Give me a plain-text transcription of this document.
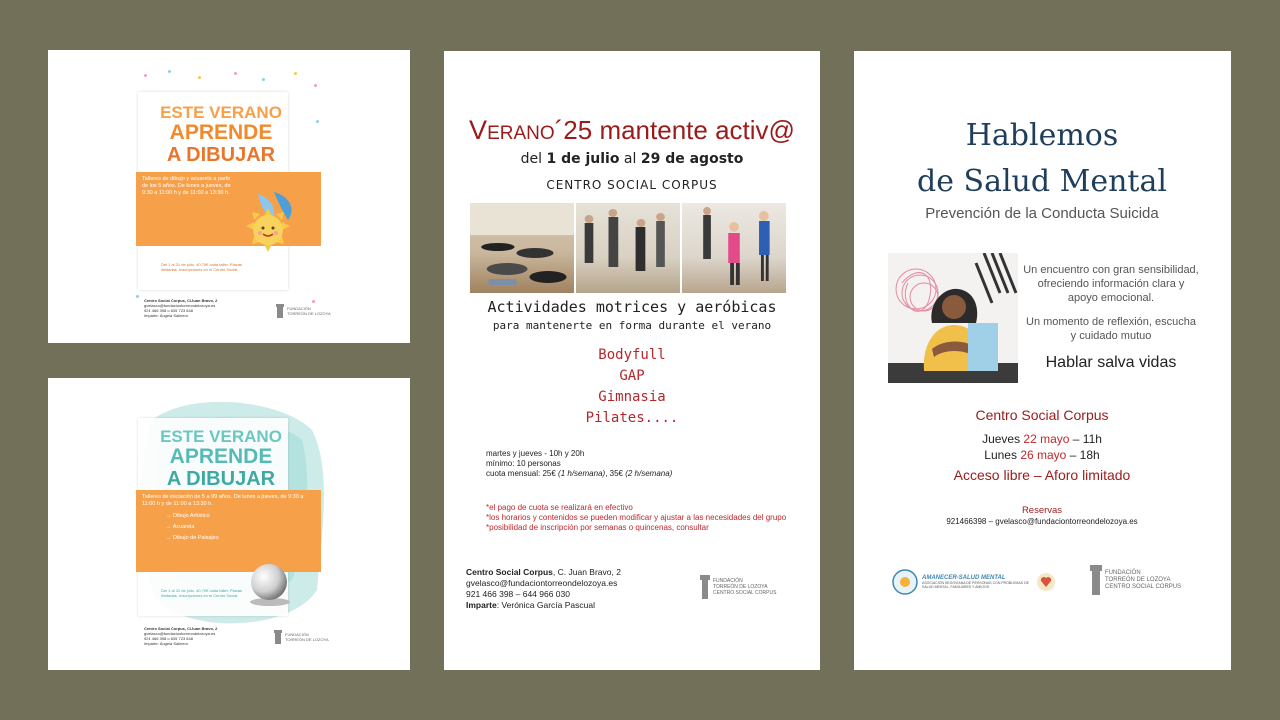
ESTE VERANO
APRENDE
A DIBUJAR
Talleres de dibujo y acuarela a partir de los 5 años. De lunes a jueves, de 9:30 a 11:00 h y de 11:00 a 13:30 h.
Del 1 al 31 de julio. 40,70€ cada taller. Plazas limitadas. Inscripciones en el Centro Social.
Centro Social Corpus, C/Juan Bravo, 2
gvelasco@fundaciontorreondelozoya.es
921 466 398 o 635 723 648
Imparte: Ángela Salinero
FUNDACIÓN
TORREÓN DE LOZOYA
ESTE VERANO
APRENDE
A DIBUJAR
Talleres de iniciación de 5 a 99 años. De lunes a jueves, de 9:30 a 11:00 h y de 11:00 a 13:30 h.
→ Dibujo Artístico
→ Acuarela
→ Dibujo de Paisajes
Del 1 al 31 de julio. 40,70€ cada taller. Plazas limitadas. Inscripciones en el Centro Social.
Centro Social Corpus, C/Juan Bravo, 2
gvelasco@fundaciontorreondelozoya.es
921 466 398 o 635 723 648
Imparte: Ángela Salinero
FUNDACIÓN
TORREÓN DE LOZOYA
VERANO´25 mantente activ@
del 1 de julio al 29 de agosto
CENTRO SOCIAL CORPUS
Actividades motrices y aeróbicas
para mantenerte en forma durante el verano
Bodyfull
GAP
Gimnasia
Pilates....
martes y jueves - 10h y 20h
mínimo: 10 personas
cuota mensual: 25€ (1 h/semana), 35€ (2 h/semana)
*el pago de cuota se realizará en efectivo
*los horarios y contenidos se pueden modificar y ajustar a las necesidades del grupo
*posibilidad de inscripción por semanas o quincenas, consultar
Centro Social Corpus, C. Juan Bravo, 2
gvelasco@fundaciontorreondelozoya.es
921 466 398 – 644 966 030
Imparte: Verónica García Pascual
FUNDACIÓN
TORREÓN DE LOZOYA
CENTRO SOCIAL CORPUS
Hablemos
de Salud Mental
Prevención de la Conducta Suicida
Un encuentro con gran sensibilidad, ofreciendo información clara y apoyo emocional.
Un momento de reflexión, escucha y cuidado mutuo
Hablar salva vidas
Centro Social Corpus
Jueves 22 mayo – 11h
Lunes 26 mayo – 18h
Acceso libre – Aforo limitado
Reservas
921466398 – gvelasco@fundaciontorreondelozoya.es
AMANECER-SALUD MENTAL
ASOCIACIÓN SEGOVIANA DE PERSONAS CON PROBLEMAS DE SALUD MENTAL, FAMILIARES Y AMIGOS
FUNDACIÓN
TORREÓN DE LOZOYA
CENTRO SOCIAL CORPUS
